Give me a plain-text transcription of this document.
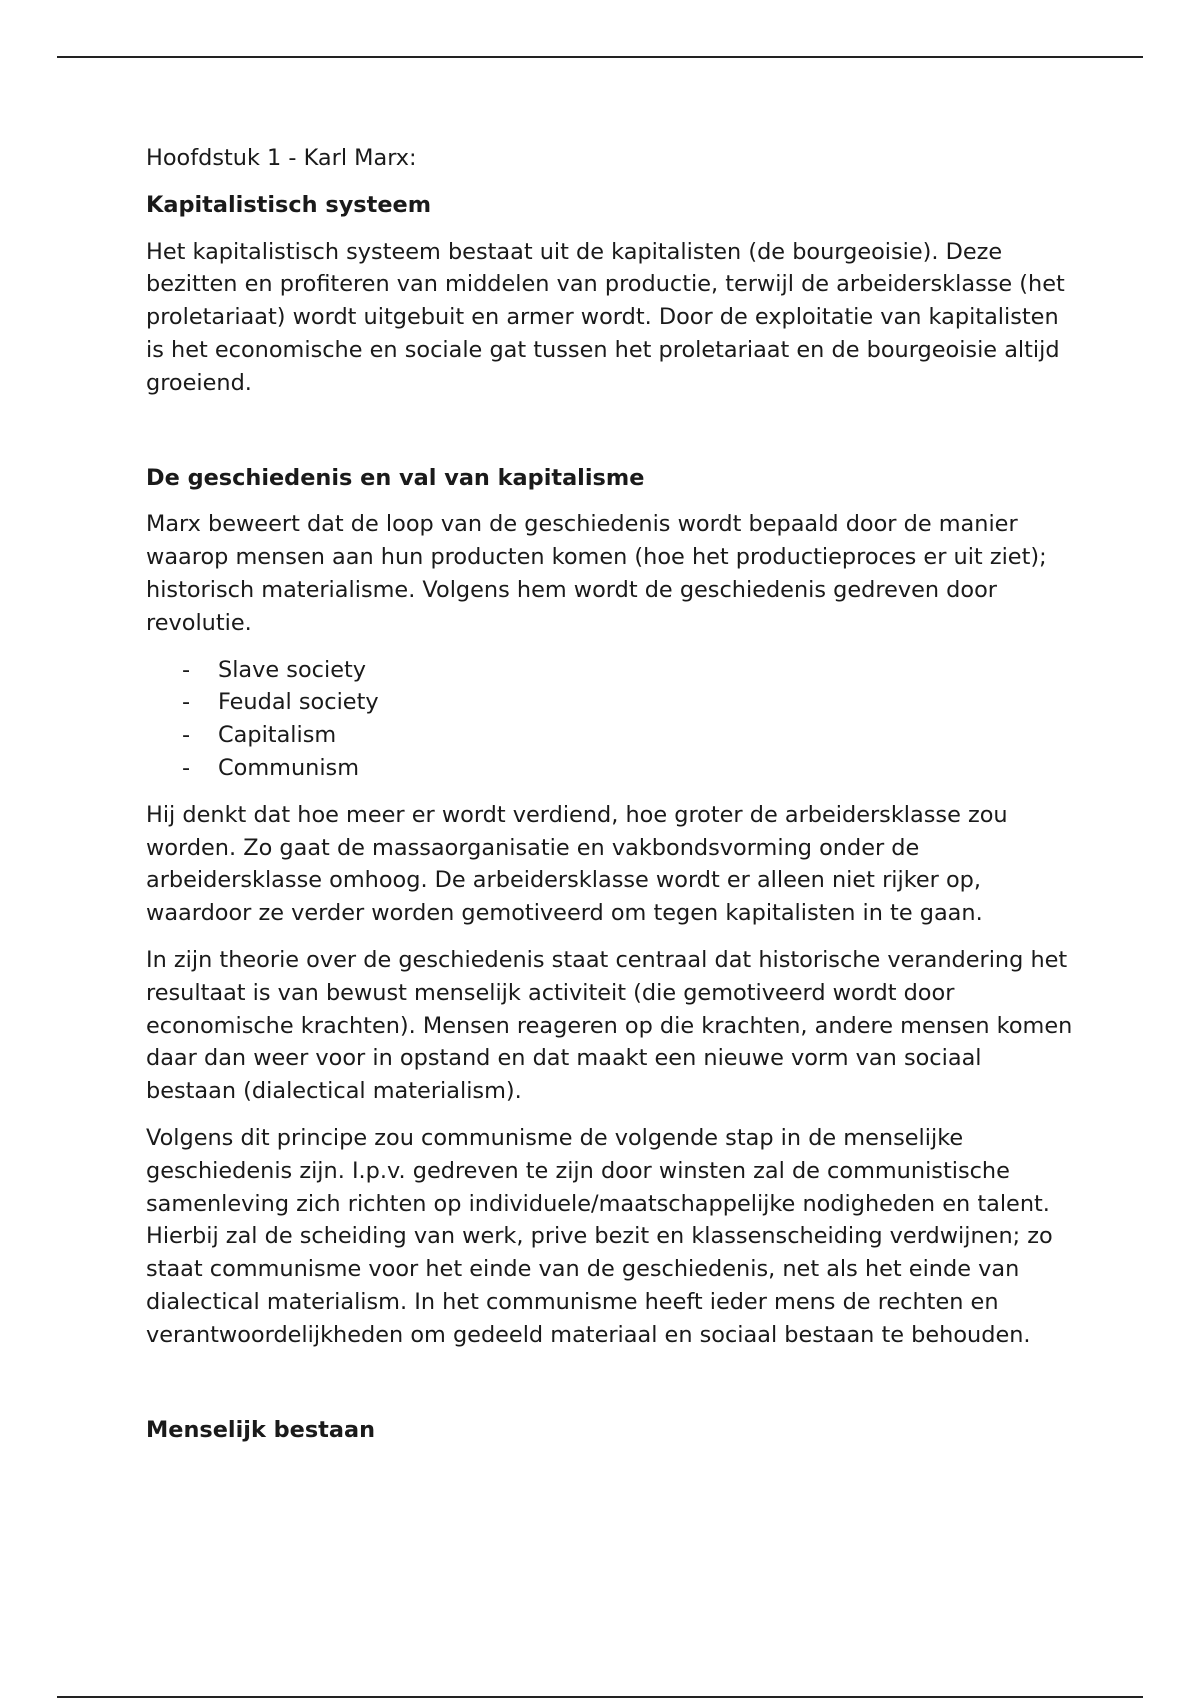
Hoofdstuk 1 - Karl Marx:

Kapitalistisch systeem

Het kapitalistisch systeem bestaat uit de kapitalisten (de bourgeoisie). Deze bezitten en profiteren van middelen van productie, terwijl de arbeidersklasse (het proletariaat) wordt uitgebuit en armer wordt. Door de exploitatie van kapitalisten is het economische en sociale gat tussen het proletariaat en de bourgeoisie altijd groeiend.

De geschiedenis en val van kapitalisme

Marx beweert dat de loop van de geschiedenis wordt bepaald door de manier waarop mensen aan hun producten komen (hoe het productieproces er uit ziet); historisch materialisme. Volgens hem wordt de geschiedenis gedreven door revolutie.

- Slave society
- Feudal society
- Capitalism
- Communism

Hij denkt dat hoe meer er wordt verdiend, hoe groter de arbeidersklasse zou worden. Zo gaat de massaorganisatie en vakbondsvorming onder de arbeidersklasse omhoog. De arbeidersklasse wordt er alleen niet rijker op, waardoor ze verder worden gemotiveerd om tegen kapitalisten in te gaan.

In zijn theorie over de geschiedenis staat centraal dat historische verandering het resultaat is van bewust menselijk activiteit (die gemotiveerd wordt door economische krachten). Mensen reageren op die krachten, andere mensen komen daar dan weer voor in opstand en dat maakt een nieuwe vorm van sociaal bestaan (dialectical materialism).

Volgens dit principe zou communisme de volgende stap in de menselijke geschiedenis zijn. I.p.v. gedreven te zijn door winsten zal de communistische samenleving zich richten op individuele/maatschappelijke nodigheden en talent. Hierbij zal de scheiding van werk, prive bezit en klassenscheiding verdwijnen; zo staat communisme voor het einde van de geschiedenis, net als het einde van dialectical materialism. In het communisme heeft ieder mens de rechten en verantwoordelijkheden om gedeeld materiaal en sociaal bestaan te behouden.

Menselijk bestaan
